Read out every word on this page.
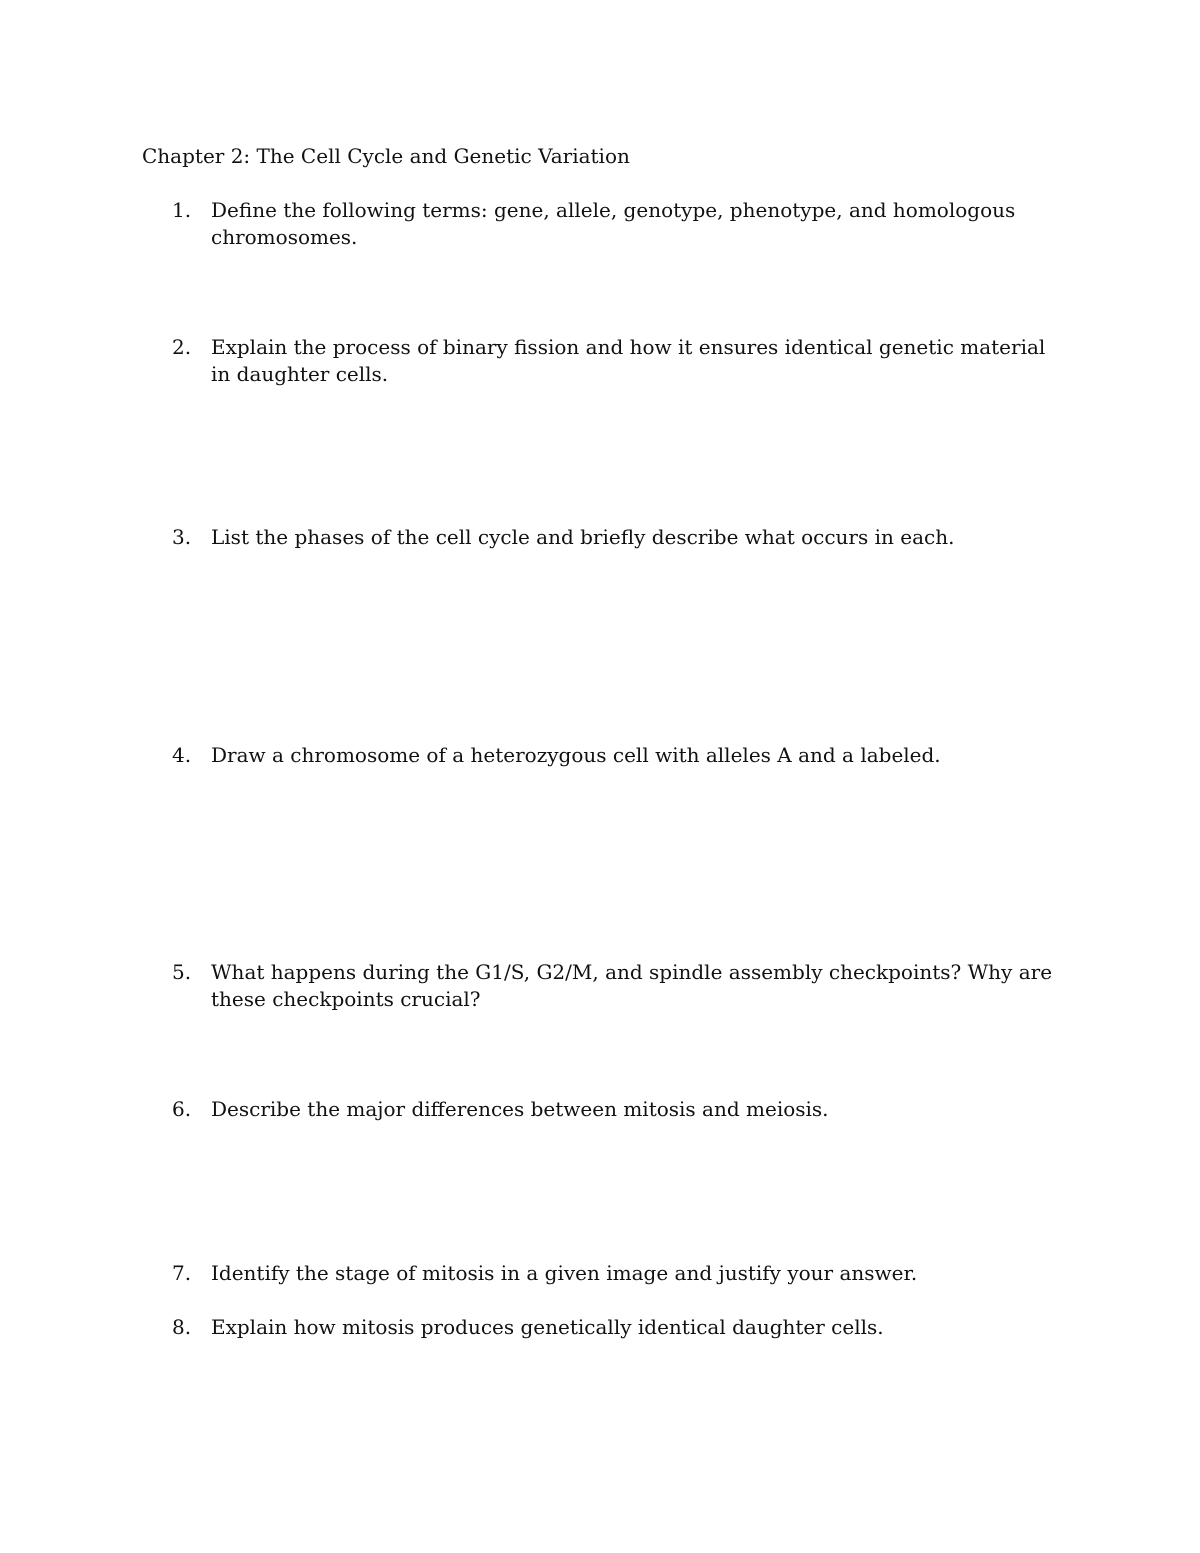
Chapter 2: The Cell Cycle and Genetic Variation
1. Define the following terms: gene, allele, genotype, phenotype, and homologous chromosomes.
2. Explain the process of binary fission and how it ensures identical genetic material in daughter cells.
3. List the phases of the cell cycle and briefly describe what occurs in each.
4. Draw a chromosome of a heterozygous cell with alleles A and a labeled.
5. What happens during the G1/S, G2/M, and spindle assembly checkpoints? Why are these checkpoints crucial?
6. Describe the major differences between mitosis and meiosis.
7. Identify the stage of mitosis in a given image and justify your answer.
8. Explain how mitosis produces genetically identical daughter cells.
